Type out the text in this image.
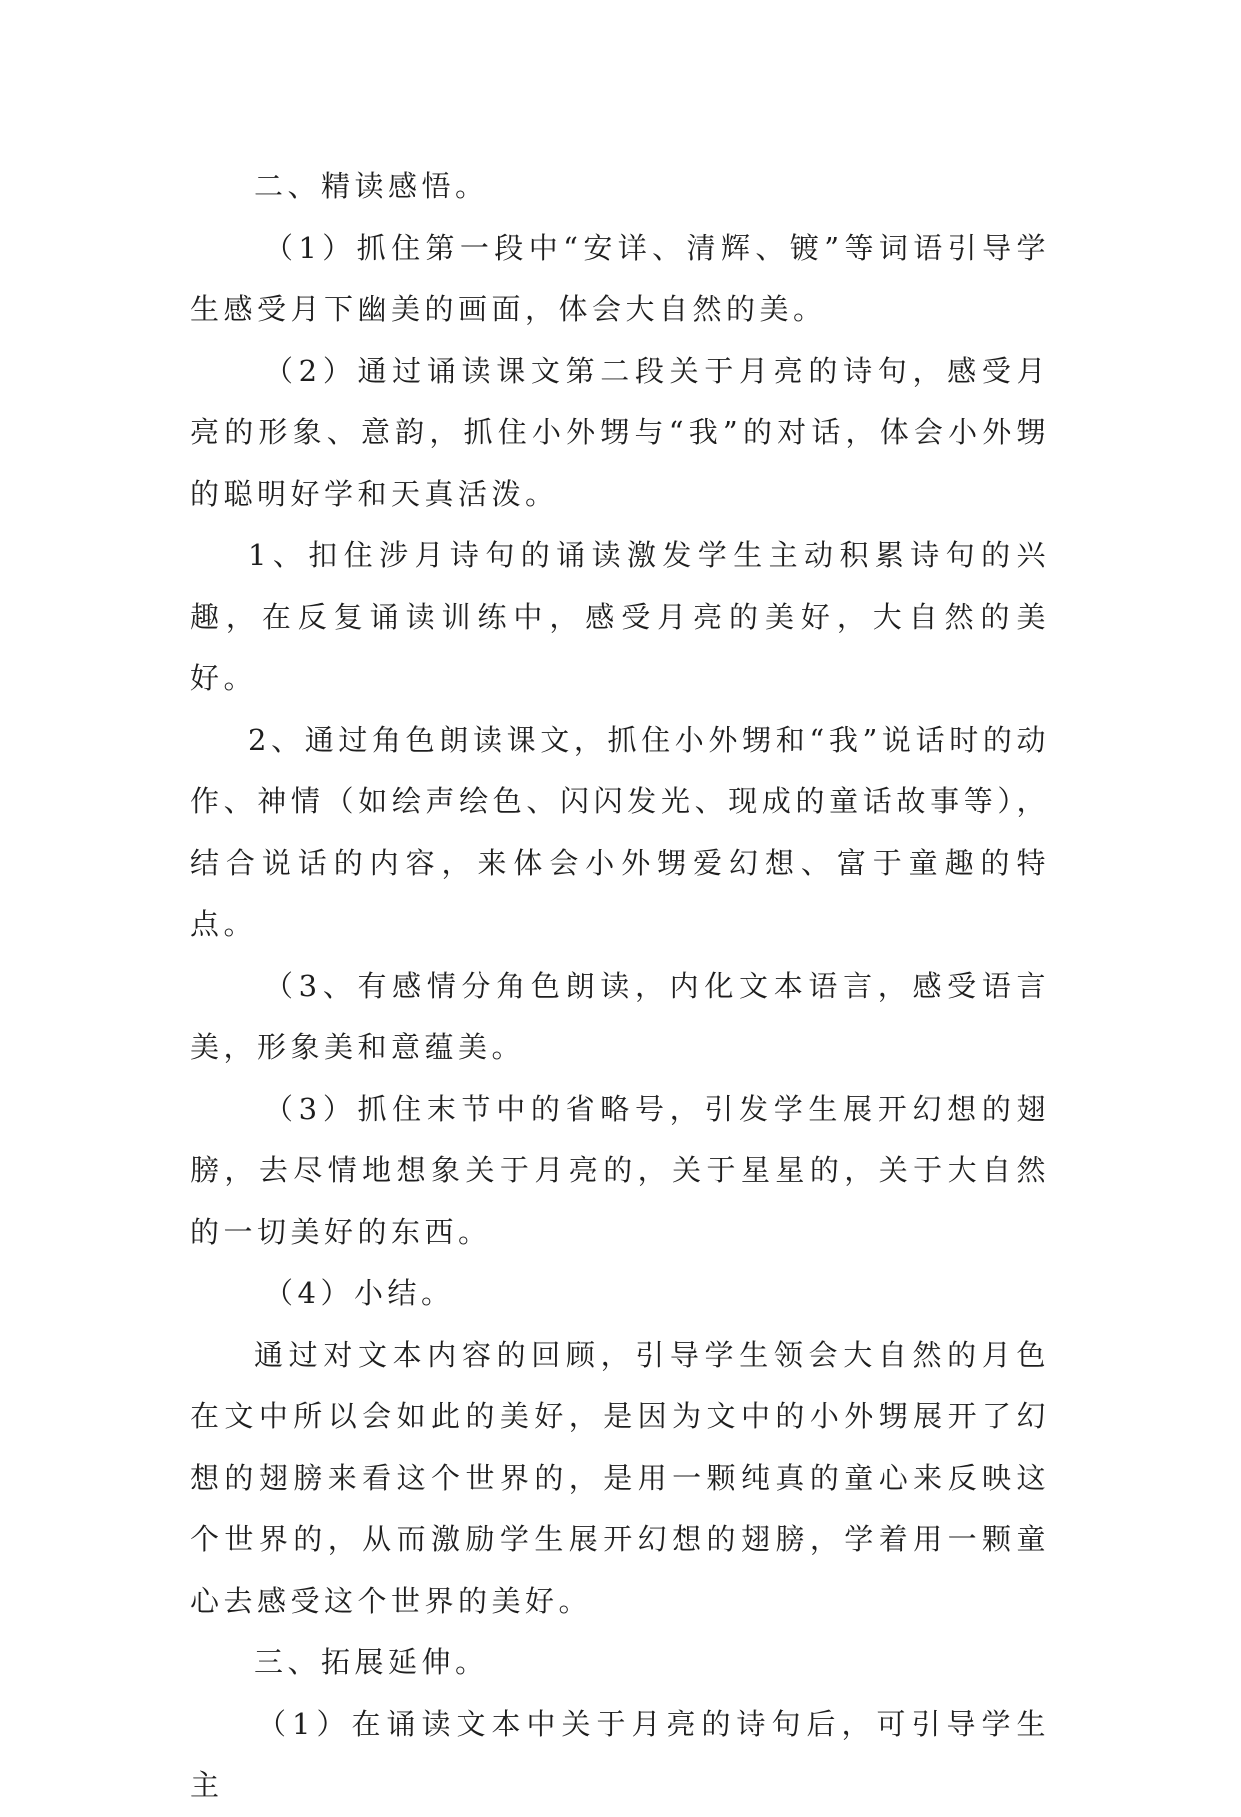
二、精读感悟。

（1）抓住第一段中“安详、清辉、镀”等词语引导学生感受月下幽美的画面，体会大自然的美。

（2）通过诵读课文第二段关于月亮的诗句，感受月亮的形象、意韵，抓住小外甥与“我”的对话，体会小外甥的聪明好学和天真活泼。

1、扣住涉月诗句的诵读激发学生主动积累诗句的兴趣，在反复诵读训练中，感受月亮的美好，大自然的美好。

2、通过角色朗读课文，抓住小外甥和“我”说话时的动作、神情（如绘声绘色、闪闪发光、现成的童话故事等），结合说话的内容，来体会小外甥爱幻想、富于童趣的特点。

（3、有感情分角色朗读，内化文本语言，感受语言美，形象美和意蕴美。

（3）抓住末节中的省略号，引发学生展开幻想的翅膀，去尽情地想象关于月亮的，关于星星的，关于大自然的一切美好的东西。

（4）小结。

通过对文本内容的回顾，引导学生领会大自然的月色在文中所以会如此的美好，是因为文中的小外甥展开了幻想的翅膀来看这个世界的，是用一颗纯真的童心来反映这个世界的，从而激励学生展开幻想的翅膀，学着用一颗童心去感受这个世界的美好。

三、拓展延伸。

（1）在诵读文本中关于月亮的诗句后，可引导学生主
